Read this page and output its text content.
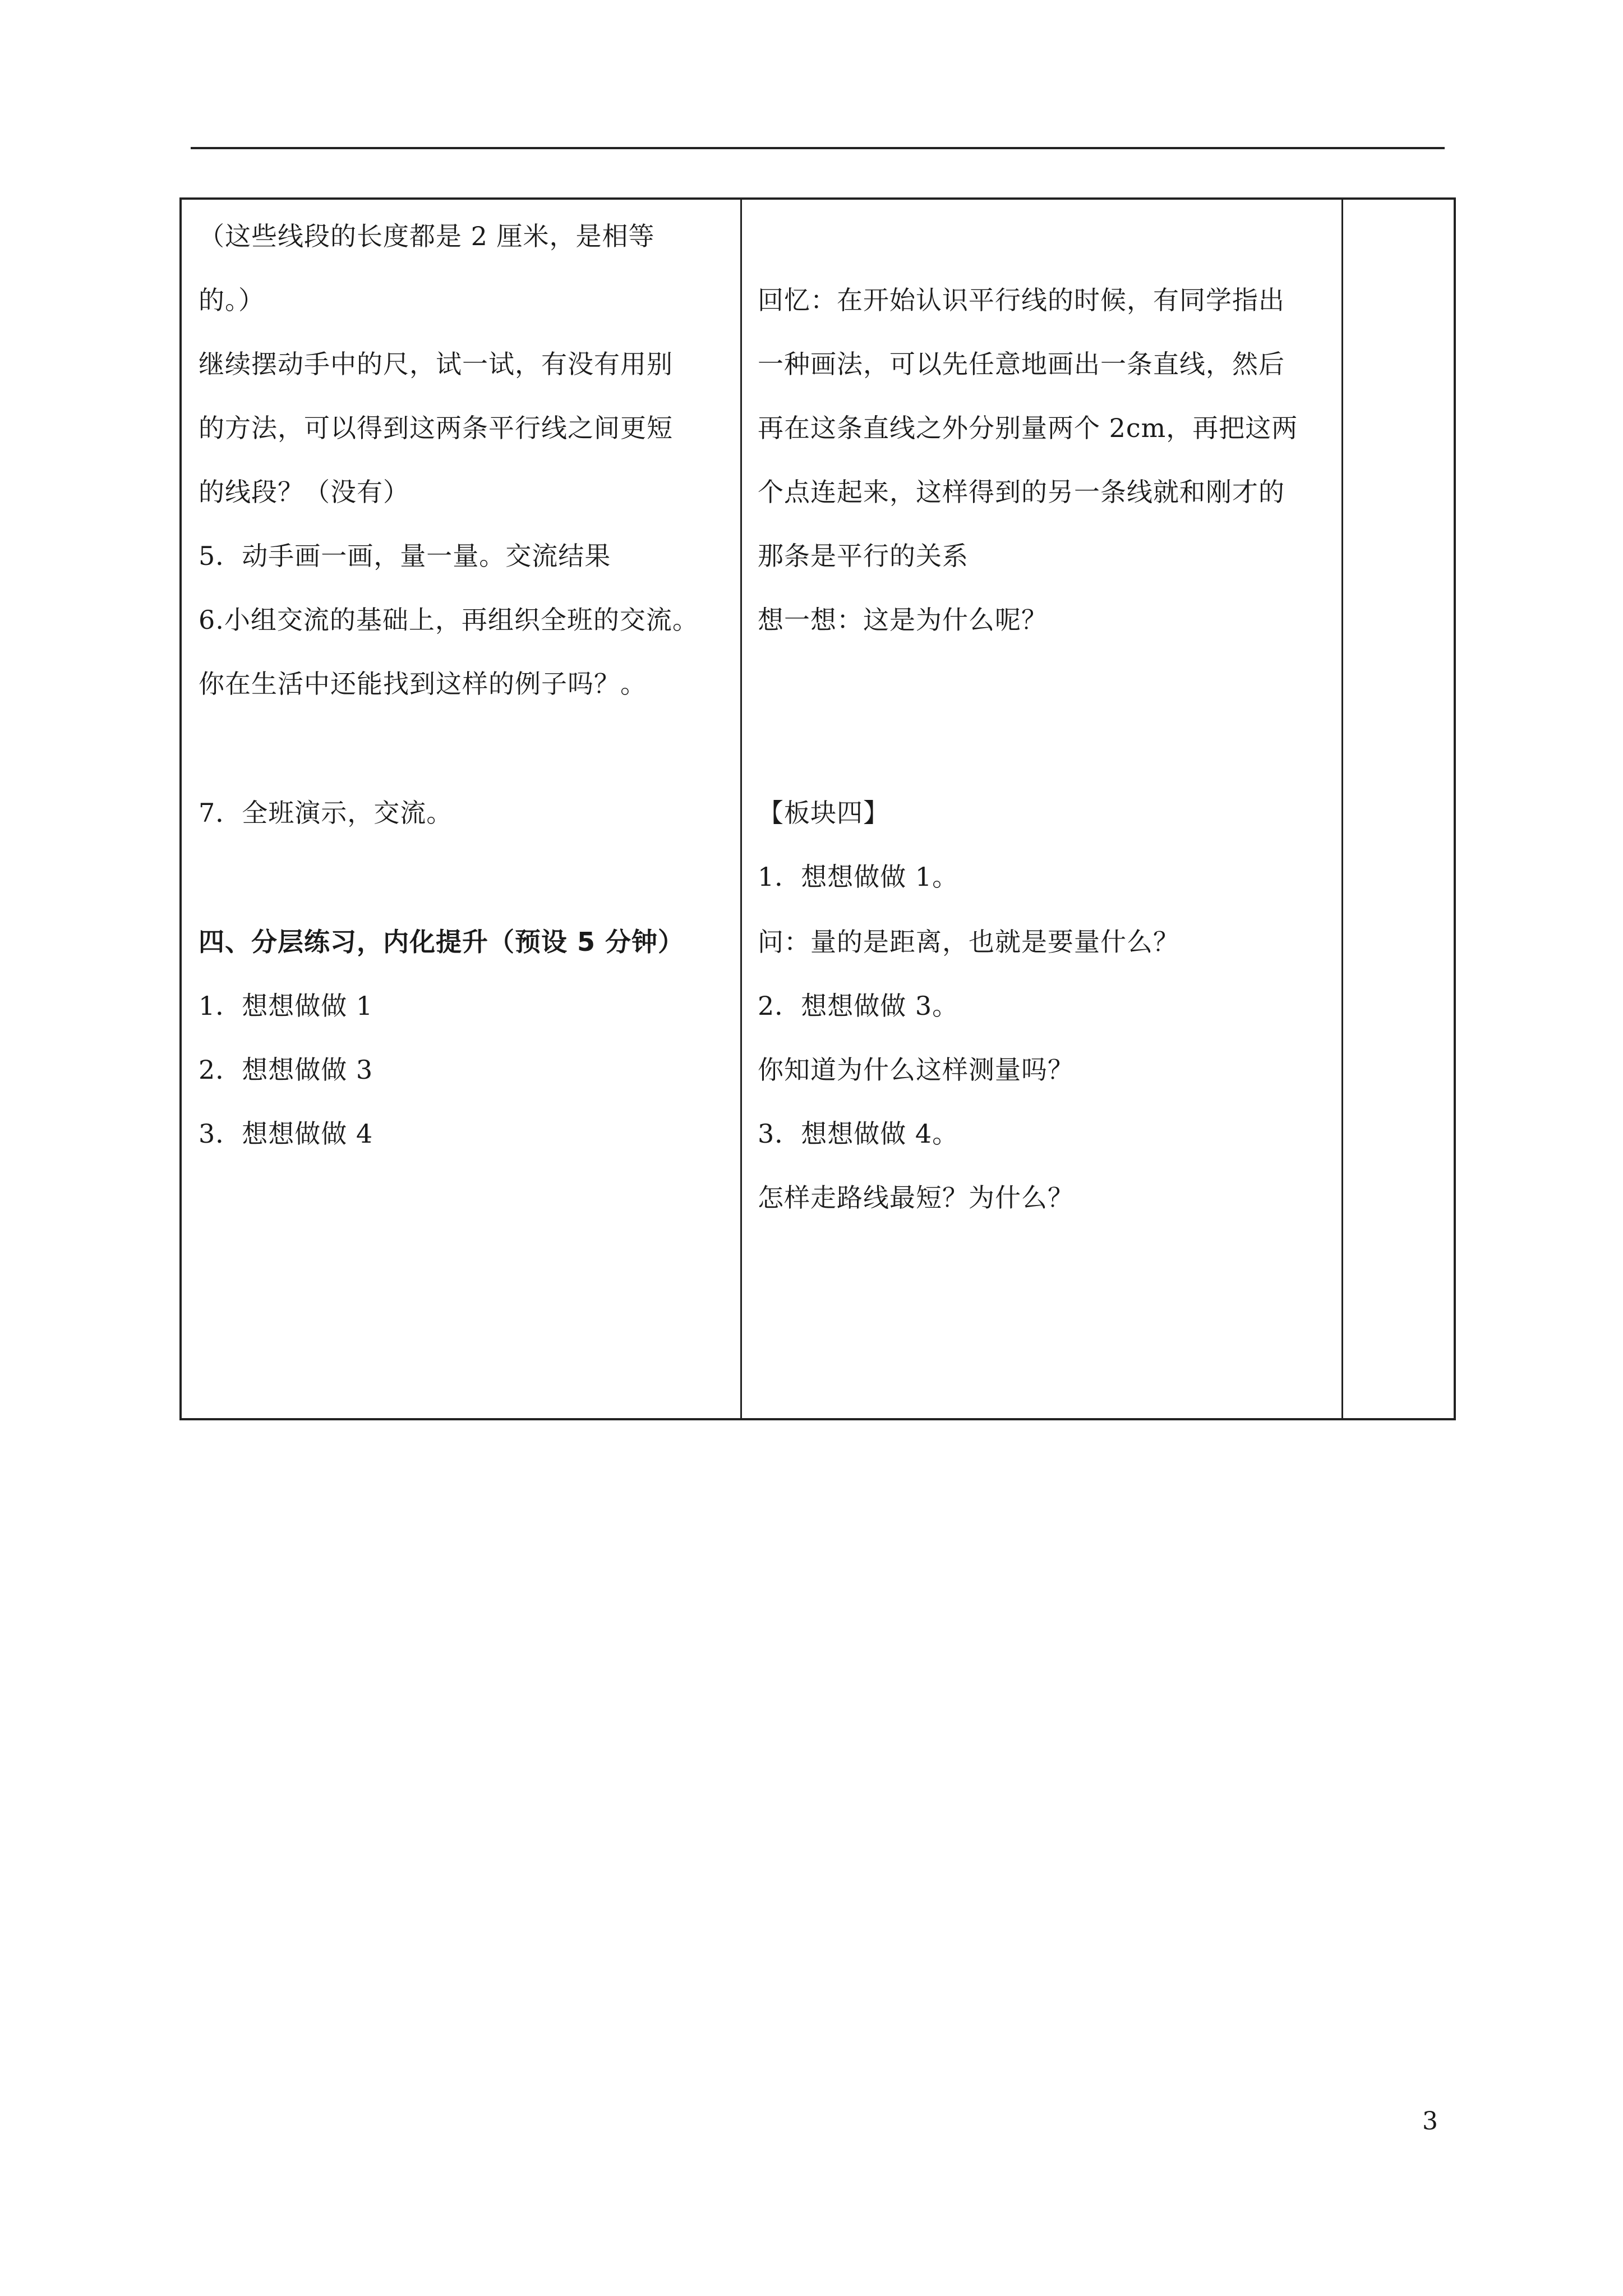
（这些线段的长度都是 2 厘米，是相等
的。）
继续摆动手中的尺，试一试，有没有用别
的方法，可以得到这两条平行线之间更短
的线段？（没有）
5．动手画一画，量一量。交流结果
6.小组交流的基础上，再组织全班的交流。
你在生活中还能找到这样的例子吗？。
7．全班演示，交流。
四、分层练习，内化提升（预设 5 分钟）
1．想想做做 1
2．想想做做 3
3．想想做做 4
回忆：在开始认识平行线的时候，有同学指出
一种画法，可以先任意地画出一条直线，然后
再在这条直线之外分别量两个 2cm，再把这两
个点连起来，这样得到的另一条线就和刚才的
那条是平行的关系
想一想：这是为什么呢？
【板块四】
1．想想做做 1。
问：量的是距离，也就是要量什么？
2．想想做做 3。
你知道为什么这样测量吗？
3．想想做做 4。
怎样走路线最短？为什么？
3
